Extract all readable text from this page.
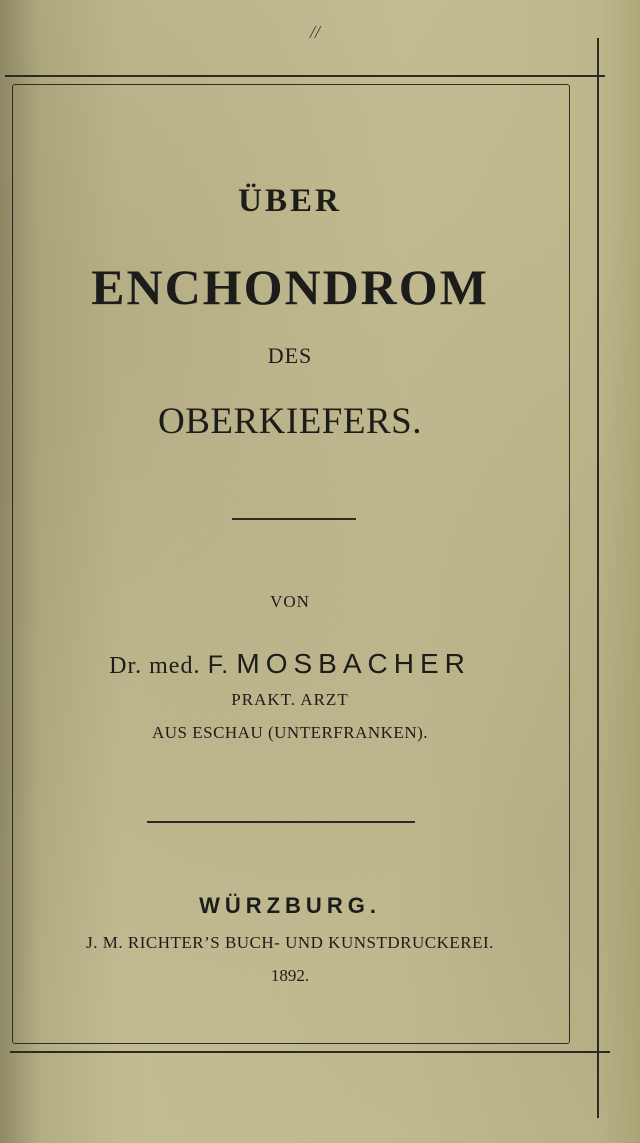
//
ÜBER
ENCHONDROM
DES
OBERKIEFERS.
VON
Dr. med. F. MOSBACHER
PRAKT. ARZT
AUS ESCHAU (UNTERFRANKEN).
WÜRZBURG.
J. M. RICHTER’S BUCH- UND KUNSTDRUCKEREI.
1892.
